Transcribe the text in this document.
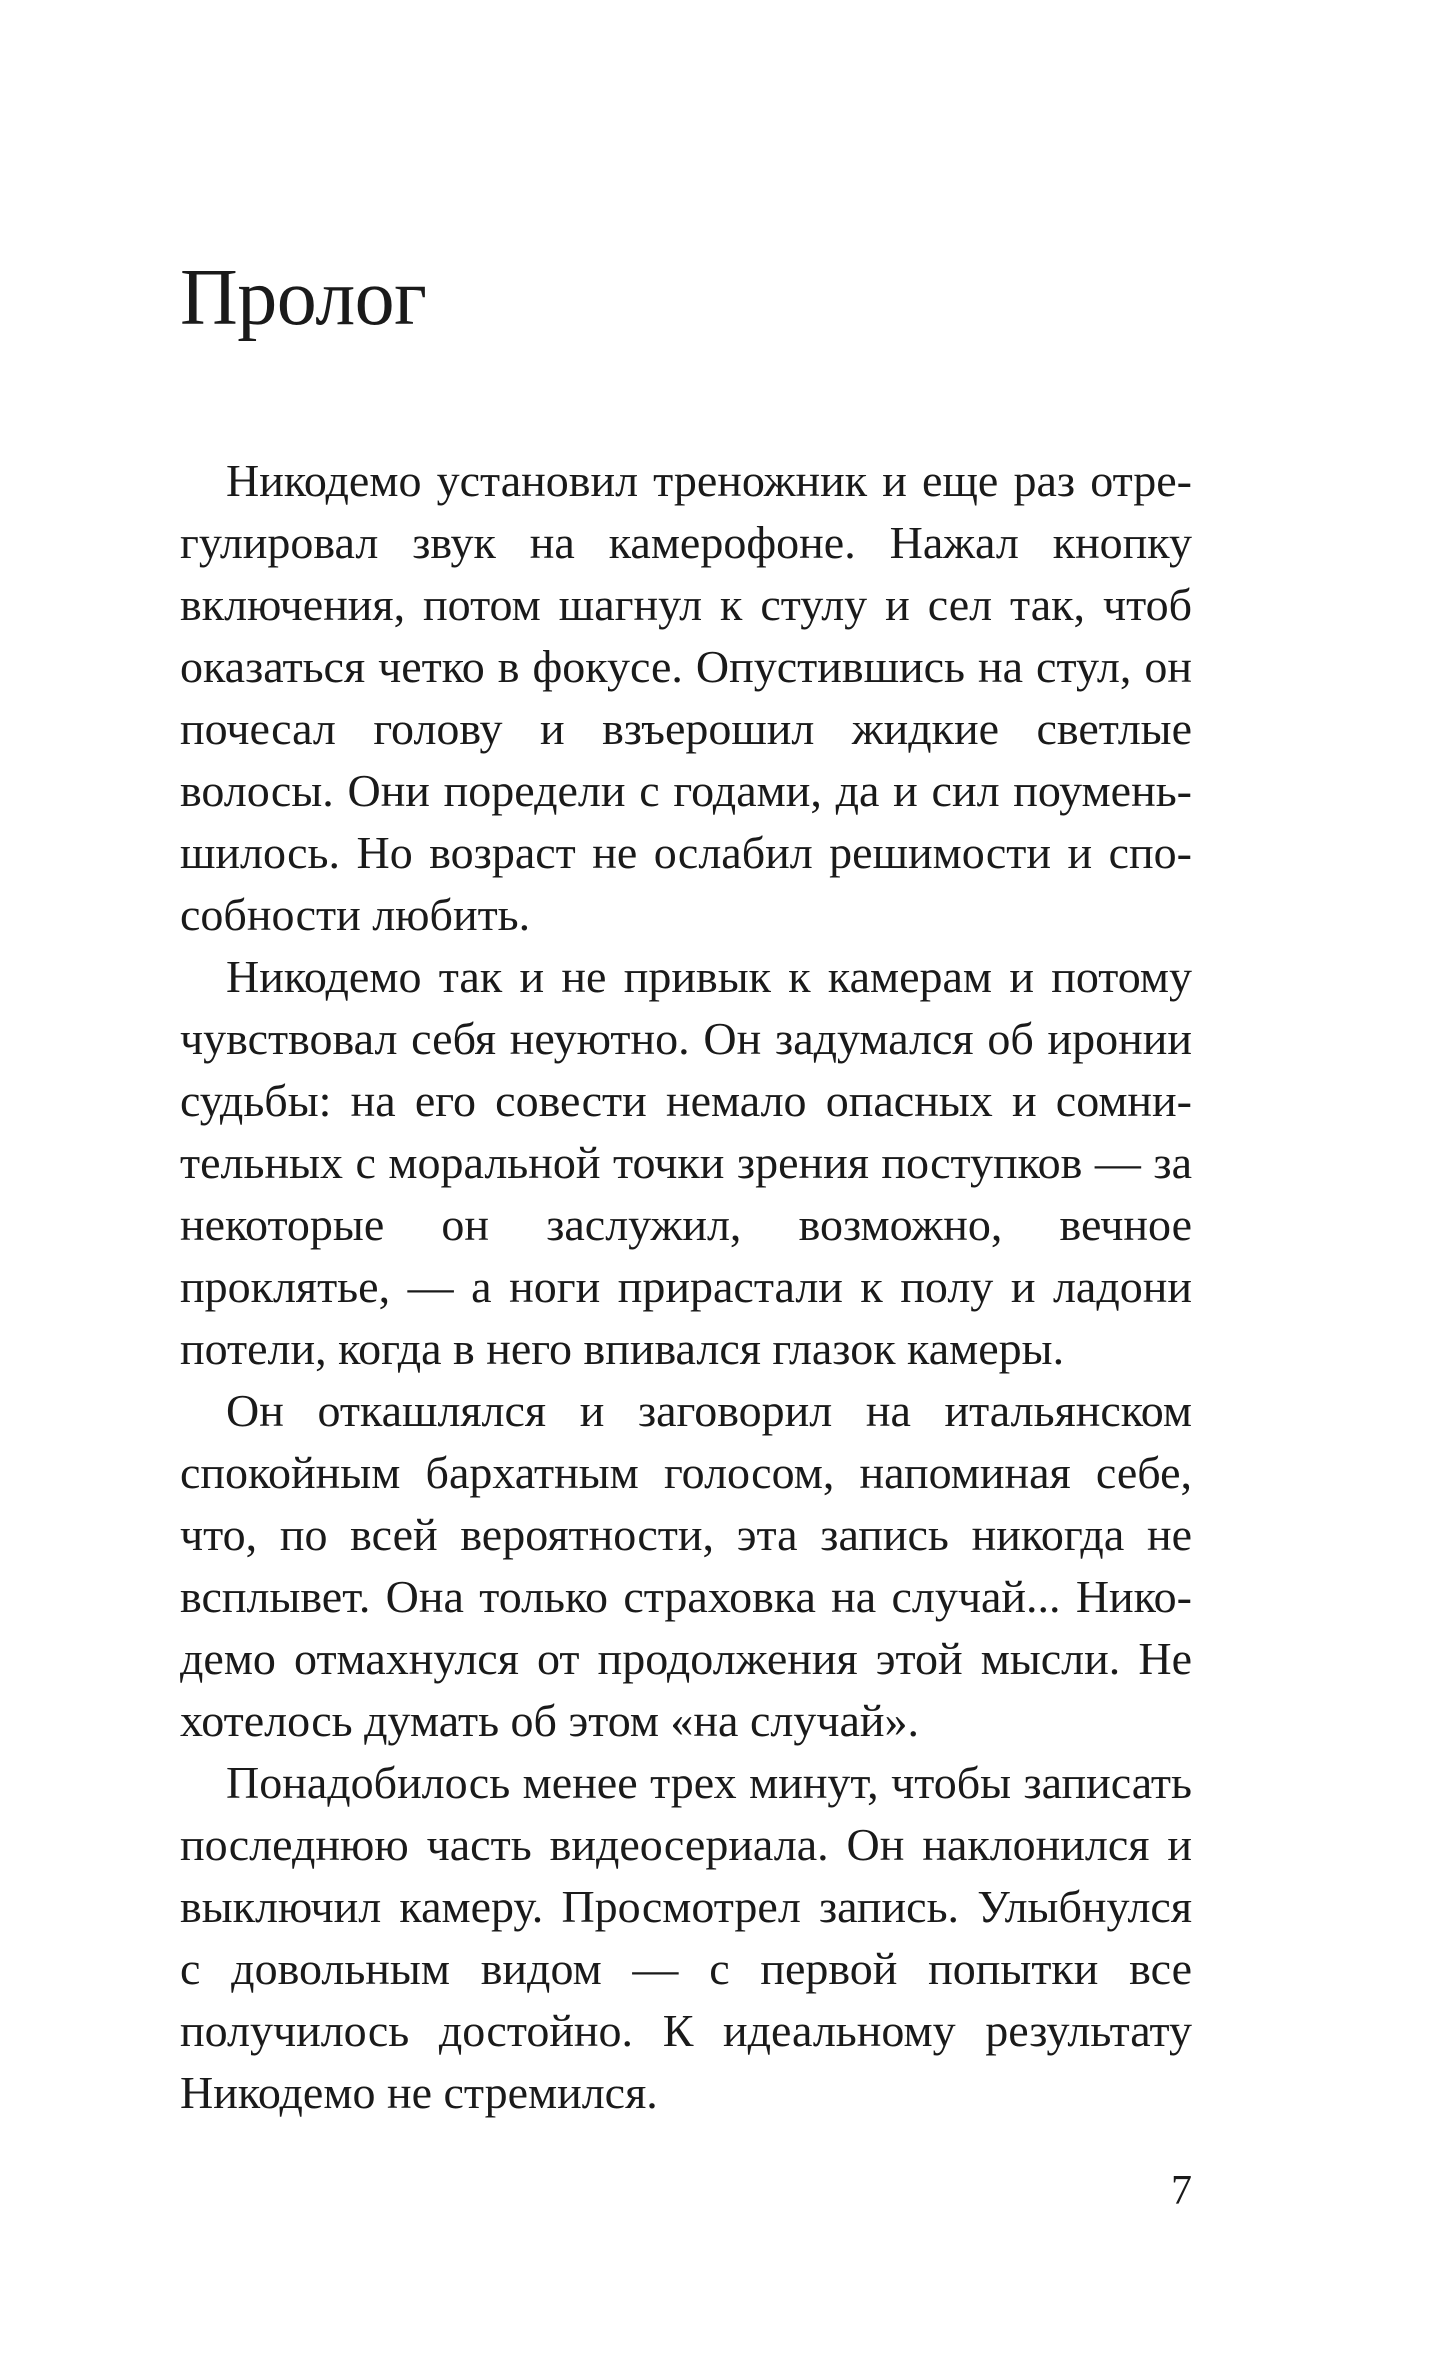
Пролог

Никодемо установил треножник и еще раз отрегулировал звук на камерофоне. Нажал кнопку включения, потом шагнул к стулу и сел так, чтоб оказаться четко в фокусе. Опустившись на стул, он почесал голову и взъерошил жидкие светлые волосы. Они поредели с годами, да и сил поуменьшилось. Но возраст не ослабил решимости и способности любить.

Никодемо так и не привык к камерам и потому чувствовал себя неуютно. Он задумался об иронии судьбы: на его совести немало опасных и сомнительных с моральной точки зрения поступков — за некоторые он заслужил, возможно, вечное проклятье, — а ноги прирастали к полу и ладони потели, когда в него впивался глазок камеры.

Он откашлялся и заговорил на итальянском спокойным бархатным голосом, напоминая себе, что, по всей вероятности, эта запись никогда не всплывет. Она только страховка на случай... Никодемо отмахнулся от продолжения этой мысли. Не хотелось думать об этом «на случай».

Понадобилось менее трех минут, чтобы записать последнюю часть видеосериала. Он наклонился и выключил камеру. Просмотрел запись. Улыбнулся с довольным видом — с первой попытки все получилось достойно. К идеальному результату Никодемо не стремился.

7
